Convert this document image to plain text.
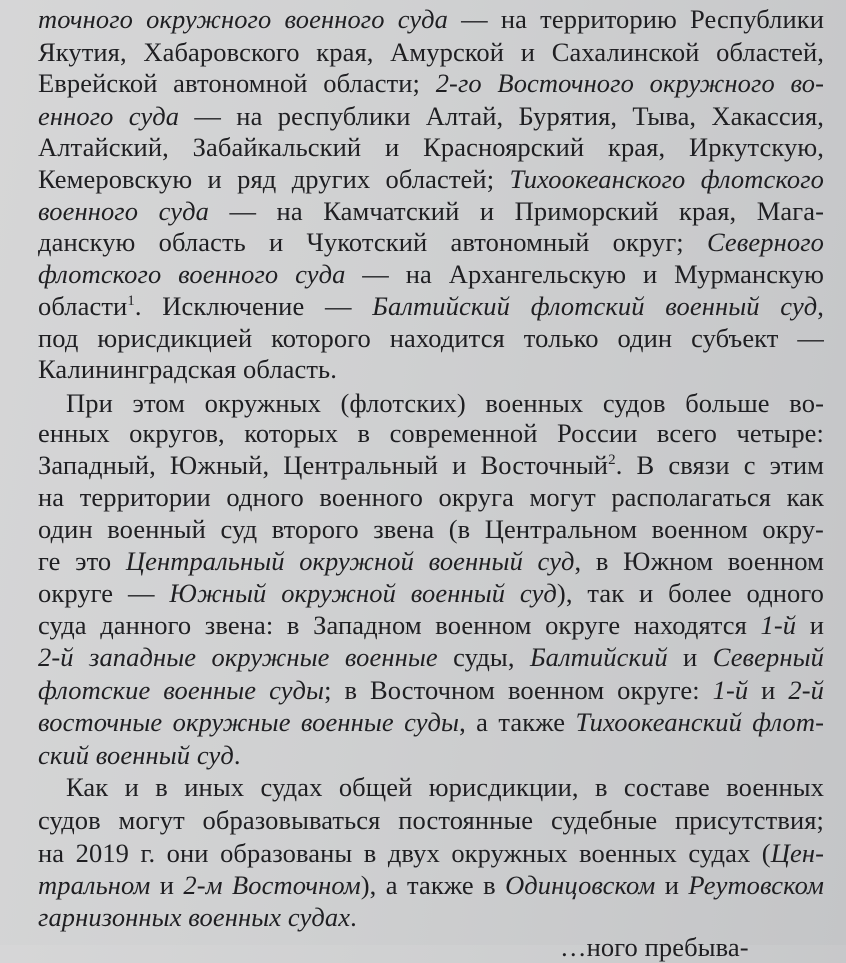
точного окружного военного суда — на территорию Республики
Якутия, Хабаровского края, Амурской и Сахалинской областей,
Еврейской автономной области; 2-го Восточного окружного во-
енного суда — на республики Алтай, Бурятия, Тыва, Хакассия,
Алтайский, Забайкальский и Красноярский края, Иркутскую,
Кемеровскую и ряд других областей; Тихоокеанского флотского
военного суда — на Камчатский и Приморский края, Мага-
данскую область и Чукотский автономный округ; Северного
флотского военного суда — на Архангельскую и Мурманскую
области$^1$. Исключение — Балтийский флотский военный суд,
под юрисдикцией которого находится только один субъект —
Калининградская область.
При этом окружных (флотских) военных судов больше во-
енных округов, которых в современной России всего четыре:
Западный, Южный, Центральный и Восточный$^2$. В связи с этим
на территории одного военного округа могут располагаться как
один военный суд второго звена (в Центральном военном окру-
ге это Центральный окружной военный суд, в Южном военном
округе — Южный окружной военный суд), так и более одного
суда данного звена: в Западном военном округе находятся 1-й и
2-й западные окружные военные суды, Балтийский и Северный
флотские военные суды; в Восточном военном округе: 1-й и 2-й
восточные окружные военные суды, а также Тихоокеанский флот-
ский военный суд.
Как и в иных судах общей юрисдикции, в составе военных
судов могут образовываться постоянные судебные присутствия;
на 2019 г. они образованы в двух окружных военных судах (Цен-
тральном и 2-м Восточном), а также в Одинцовском и Реутовском
гарнизонных военных судах.
…ного пребыва-
